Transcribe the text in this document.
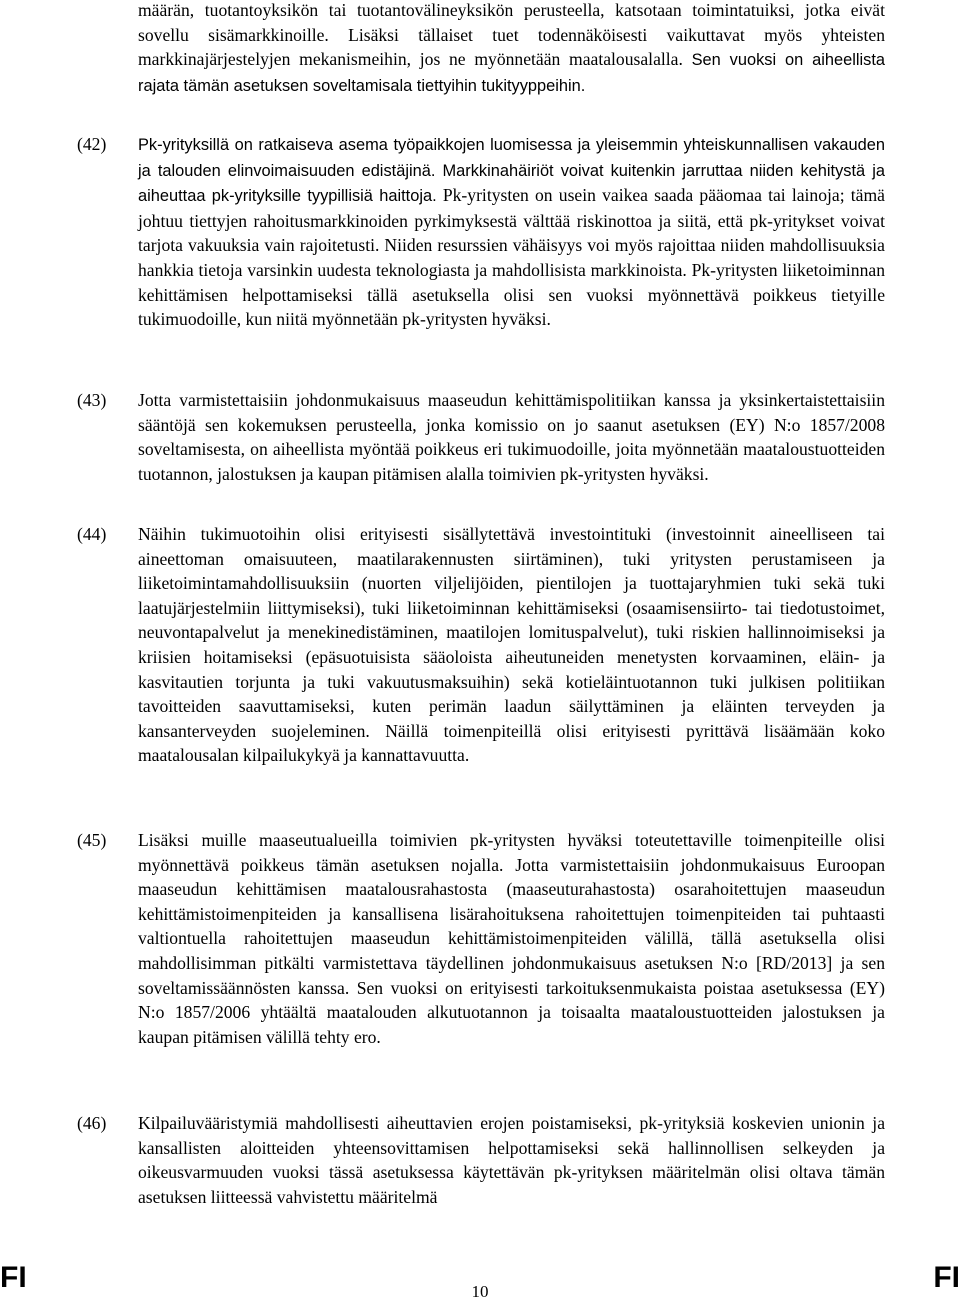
määrän, tuotantoyksikön tai tuotantovälineyksikön perusteella, katsotaan toimintatuiksi, jotka eivät sovellu sisämarkkinoille. Lisäksi tällaiset tuet todennäköisesti vaikuttavat myös yhteisten markkinajärjestelyjen mekanismeihin, jos ne myönnetään maatalousalalla. Sen vuoksi on aiheellista rajata tämän asetuksen soveltamisala tiettyihin tukityyppeihin.

(42) Pk-yrityksillä on ratkaiseva asema työpaikkojen luomisessa ja yleisemmin yhteiskunnallisen vakauden ja talouden elinvoimaisuuden edistäjinä. Markkinahäiriöt voivat kuitenkin jarruttaa niiden kehitystä ja aiheuttaa pk-yrityksille tyypillisiä haittoja. Pk-yritysten on usein vaikea saada pääomaa tai lainoja; tämä johtuu tiettyjen rahoitusmarkkinoiden pyrkimyksestä välttää riskinottoa ja siitä, että pk-yritykset voivat tarjota vakuuksia vain rajoitetusti. Niiden resurssien vähäisyys voi myös rajoittaa niiden mahdollisuuksia hankkia tietoja varsinkin uudesta teknologiasta ja mahdollisista markkinoista. Pk-yritysten liiketoiminnan kehittämisen helpottamiseksi tällä asetuksella olisi sen vuoksi myönnettävä poikkeus tietyille tukimuodoille, kun niitä myönnetään pk-yritysten hyväksi.

(43) Jotta varmistettaisiin johdonmukaisuus maaseudun kehittämispolitiikan kanssa ja yksinkertaistettaisiin sääntöjä sen kokemuksen perusteella, jonka komissio on jo saanut asetuksen (EY) N:o 1857/2008 soveltamisesta, on aiheellista myöntää poikkeus eri tukimuodoille, joita myönnetään maataloustuotteiden tuotannon, jalostuksen ja kaupan pitämisen alalla toimivien pk-yritysten hyväksi.

(44) Näihin tukimuotoihin olisi erityisesti sisällytettävä investointituki (investoinnit aineelliseen tai aineettoman omaisuuteen, maatilarakennusten siirtäminen), tuki yritysten perustamiseen ja liiketoimintamahdollisuuksiin (nuorten viljelijöiden, pientilojen ja tuottajaryhmien tuki sekä tuki laatujärjestelmiin liittymiseksi), tuki liiketoiminnan kehittämiseksi (osaamisensiirto- tai tiedotustoimet, neuvontapalvelut ja menekinedistäminen, maatilojen lomituspalvelut), tuki riskien hallinnoimiseksi ja kriisien hoitamiseksi (epäsuotuisista sääoloista aiheutuneiden menetysten korvaaminen, eläin- ja kasvitautien torjunta ja tuki vakuutusmaksuihin) sekä kotieläintuotannon tuki julkisen politiikan tavoitteiden saavuttamiseksi, kuten perimän laadun säilyttäminen ja eläinten terveyden ja kansanterveyden suojeleminen. Näillä toimenpiteillä olisi erityisesti pyrittävä lisäämään koko maatalousalan kilpailukykyä ja kannattavuutta.

(45) Lisäksi muille maaseutualueilla toimivien pk-yritysten hyväksi toteutettaville toimenpiteille olisi myönnettävä poikkeus tämän asetuksen nojalla. Jotta varmistettaisiin johdonmukaisuus Euroopan maaseudun kehittämisen maatalousrahastosta (maaseuturahastosta) osarahoitettujen maaseudun kehittämistoimenpiteiden ja kansallisena lisärahoituksena rahoitettujen toimenpiteiden tai puhtaasti valtiontuella rahoitettujen maaseudun kehittämistoimenpiteiden välillä, tällä asetuksella olisi mahdollisimman pitkälti varmistettava täydellinen johdonmukaisuus asetuksen N:o [RD/2013] ja sen soveltamissäännösten kanssa. Sen vuoksi on erityisesti tarkoituksenmukaista poistaa asetuksessa (EY) N:o 1857/2006 yhtäältä maatalouden alkutuotannon ja toisaalta maataloustuotteiden jalostuksen ja kaupan pitämisen välillä tehty ero.

(46) Kilpailuvääristymiä mahdollisesti aiheuttavien erojen poistamiseksi, pk-yrityksiä koskevien unionin ja kansallisten aloitteiden yhteensovittamisen helpottamiseksi sekä hallinnollisen selkeyden ja oikeusvarmuuden vuoksi tässä asetuksessa käytettävän pk-yrityksen määritelmän olisi oltava tämän asetuksen liitteessä vahvistettu määritelmä

FI	10	FI
